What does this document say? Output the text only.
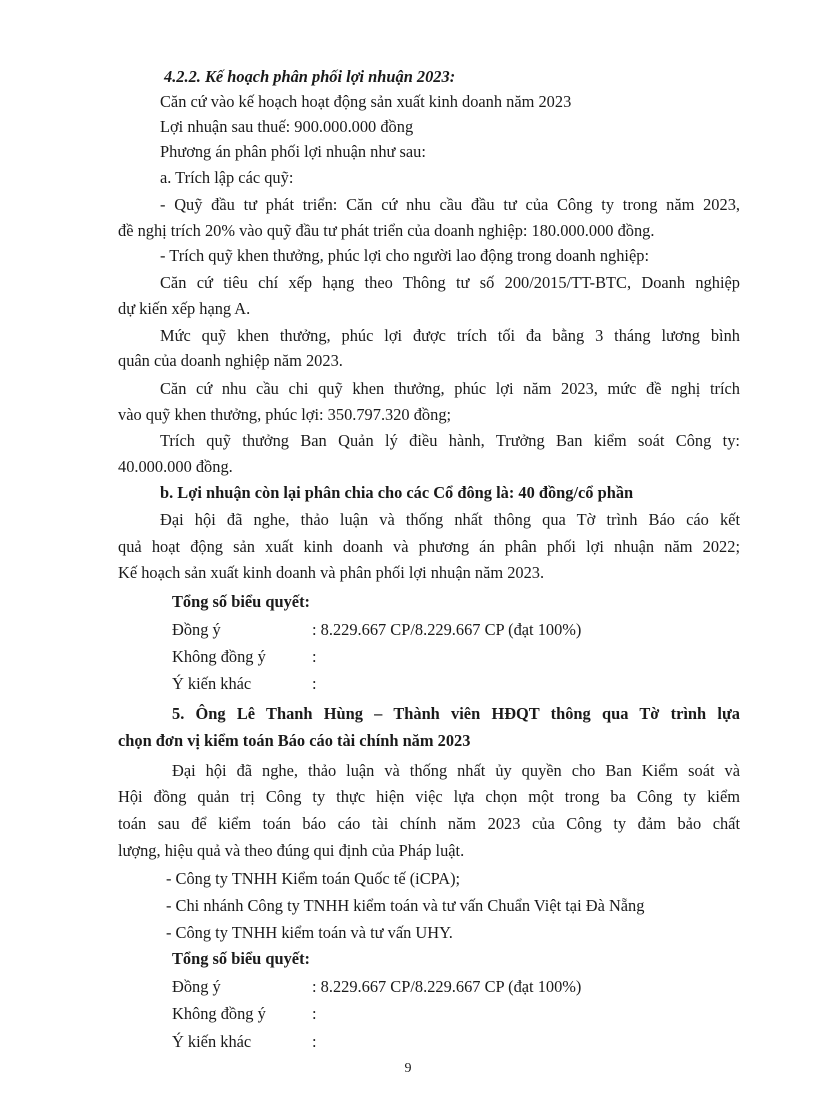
4.2.2. Kế hoạch phân phối lợi nhuận 2023:
Căn cứ vào kế hoạch hoạt động sản xuất kinh doanh năm 2023
Lợi nhuận sau thuế: 900.000.000 đồng
Phương án phân phối lợi nhuận như sau:
a. Trích lập các quỹ:
- Quỹ đầu tư phát triển: Căn cứ nhu cầu đầu tư của Công ty trong năm 2023,
đề nghị trích 20% vào quỹ đầu tư phát triển của doanh nghiệp: 180.000.000 đồng.
- Trích quỹ khen thưởng, phúc lợi cho người lao động trong doanh nghiệp:
Căn cứ tiêu chí xếp hạng theo Thông tư số 200/2015/TT-BTC, Doanh nghiệp
dự kiến xếp hạng A.
Mức quỹ khen thưởng, phúc lợi được trích tối đa bằng 3 tháng lương bình
quân của doanh nghiệp năm 2023.
Căn cứ nhu cầu chi quỹ khen thưởng, phúc lợi năm 2023, mức đề nghị trích
vào quỹ khen thưởng, phúc lợi: 350.797.320 đồng;
Trích quỹ thưởng Ban Quản lý điều hành, Trưởng Ban kiểm soát Công ty:
40.000.000 đồng.
b. Lợi nhuận còn lại phân chia cho các Cổ đông là: 40 đồng/cổ phần
Đại hội đã nghe, thảo luận và thống nhất thông qua Tờ trình Báo cáo kết
quả hoạt động sản xuất kinh doanh và phương án phân phối lợi nhuận năm 2022;
Kế hoạch sản xuất kinh doanh và phân phối lợi nhuận năm 2023.
Tổng số biểu quyết:
Đồng ý	: 8.229.667 CP/8.229.667 CP (đạt 100%)
Không đồng ý	:
Ý kiến khác	:
5. Ông Lê Thanh Hùng – Thành viên HĐQT thông qua Tờ trình lựa
chọn đơn vị kiểm toán Báo cáo tài chính năm 2023
Đại hội đã nghe, thảo luận và thống nhất ủy quyền cho Ban Kiểm soát và
Hội đồng quản trị Công ty thực hiện việc lựa chọn một trong ba Công ty kiểm
toán sau để kiểm toán báo cáo tài chính năm 2023 của Công ty đảm bảo chất
lượng, hiệu quả và theo đúng qui định của Pháp luật.
- Công ty TNHH Kiểm toán Quốc tế (iCPA);
- Chi nhánh Công ty TNHH kiểm toán và tư vấn Chuẩn Việt tại Đà Nẵng
- Công ty TNHH kiểm toán và tư vấn UHY.
Tổng số biểu quyết:
Đồng ý	: 8.229.667 CP/8.229.667 CP (đạt 100%)
Không đồng ý	:
Ý kiến khác	:
9
